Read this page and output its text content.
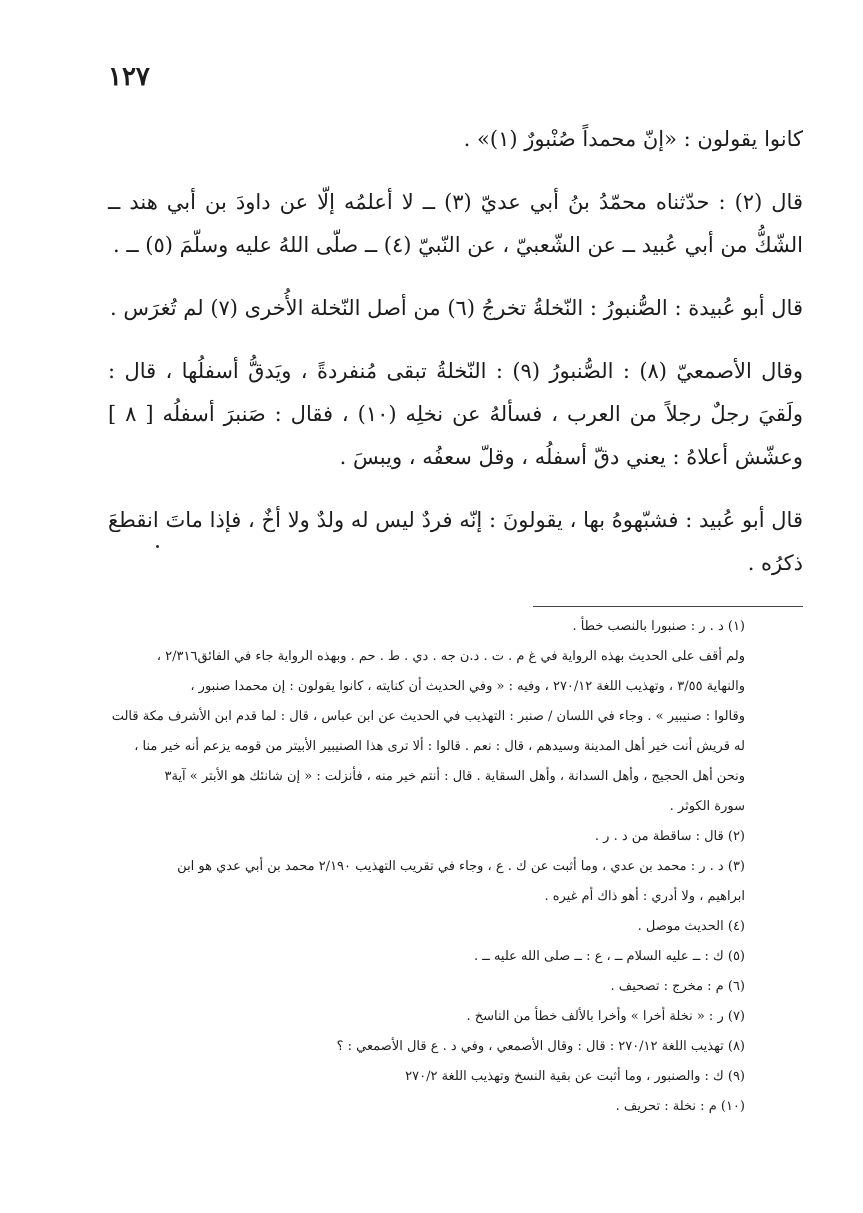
١٢٧

كانوا يقولون : «إنّ محمداً صُنْبورٌ (١)» .

قال (٢) : حدّثناه محمّدُ بنُ أبي عديّ (٣) ــ لا أعلمُه إلّا عن داودَ بن أبي هند ــ الشّكُّ من أبي عُبيد ــ عن الشّعبيّ ، عن النّبيّ (٤) ــ صلّى اللهُ عليه وسلّمَ (٥) ــ .

قال أبو عُبيدة : الصُّنبورُ : النّخلةُ تخرجُ (٦) من أصل النّخلة الأُخرى (٧) لم تُغرَس .

وقال الأصمعيّ (٨) : الصُّنبورُ (٩) : النّخلةُ تبقى مُنفردةً ، ويَدقُّ أسفلُها ، قال : ولَقيَ رجلٌ رجلاً من العرب ، فسألهُ عن نخلِه (١٠) ، فقال : صَنبرَ أسفلُه [ ٨ ] وعشّش أعلاهُ : يعني دقّ أسفلُه ، وقلّ سعفُه ، ويبسَ .

قال أبو عُبيد : فشبّهوهُ بها ، يقولونَ : إنّه فردٌ ليس له ولدٌ ولا أخٌ ، فإذا ماتَ انقطعَ ذكرُه .

(١) د . ر : صنبورا بالنصب خطأ .

ولم أقف على الحديث بهذه الرواية في غ م . ت . د.ن جه . دي . ط . حم . وبهذه الرواية جاء في الفائق٢/٣١٦ ،

والنهاية ٣/٥٥ ، وتهذيب اللغة ٢٧٠/١٢ ، وفيه : « وفي الحديث أن كنايته ، كانوا يقولون : إن محمدا صنبور ،

وقالوا : صنيبير » . وجاء في اللسان / صنبر : التهذيب في الحديث عن ابن عباس ، قال : لما قدم ابن الأشرف مكة قالت

له قريش أنت خير أهل المدينة وسيدهم ، قال : نعم . قالوا : ألا ترى هذا الصنيبير الأبيتر من قومه يزعم أنه خير منا ،

ونحن أهل الحجيج ، وأهل السدانة ، وأهل السقاية . قال : أنتم خير منه ، فأنزلت : « إن شانئك هو الأبتر » آية٣

سورة الكوثر .

(٢) قال : ساقطة من د . ر .

(٣) د . ر : محمد بن عدي ، وما أثبت عن ك . ع ، وجاء في تقريب التهذيب ٢/١٩٠ محمد بن أبي عدي هو ابن

ابراهيم ، ولا أدري : أهو ذاك أم غيره .

(٤) الحديث موصل .

(٥) ك : ــ عليه السلام ــ ، ع : ــ صلى الله عليه ــ .

(٦) م : مخرج : تصحيف .

(٧) ر : « نخلة أخرا » وأخرا بالألف خطأ من الناسخ .

(٨) تهذيب اللغة ٢٧٠/١٢ : قال : وقال الأصمعي ، وفي د . ع قال الأصمعي : ؟

(٩) ك : والصنبور ، وما أثبت عن بقية النسخ وتهذيب اللغة ٢٧٠/٢

(١٠) م : نخلة : تحريف .
